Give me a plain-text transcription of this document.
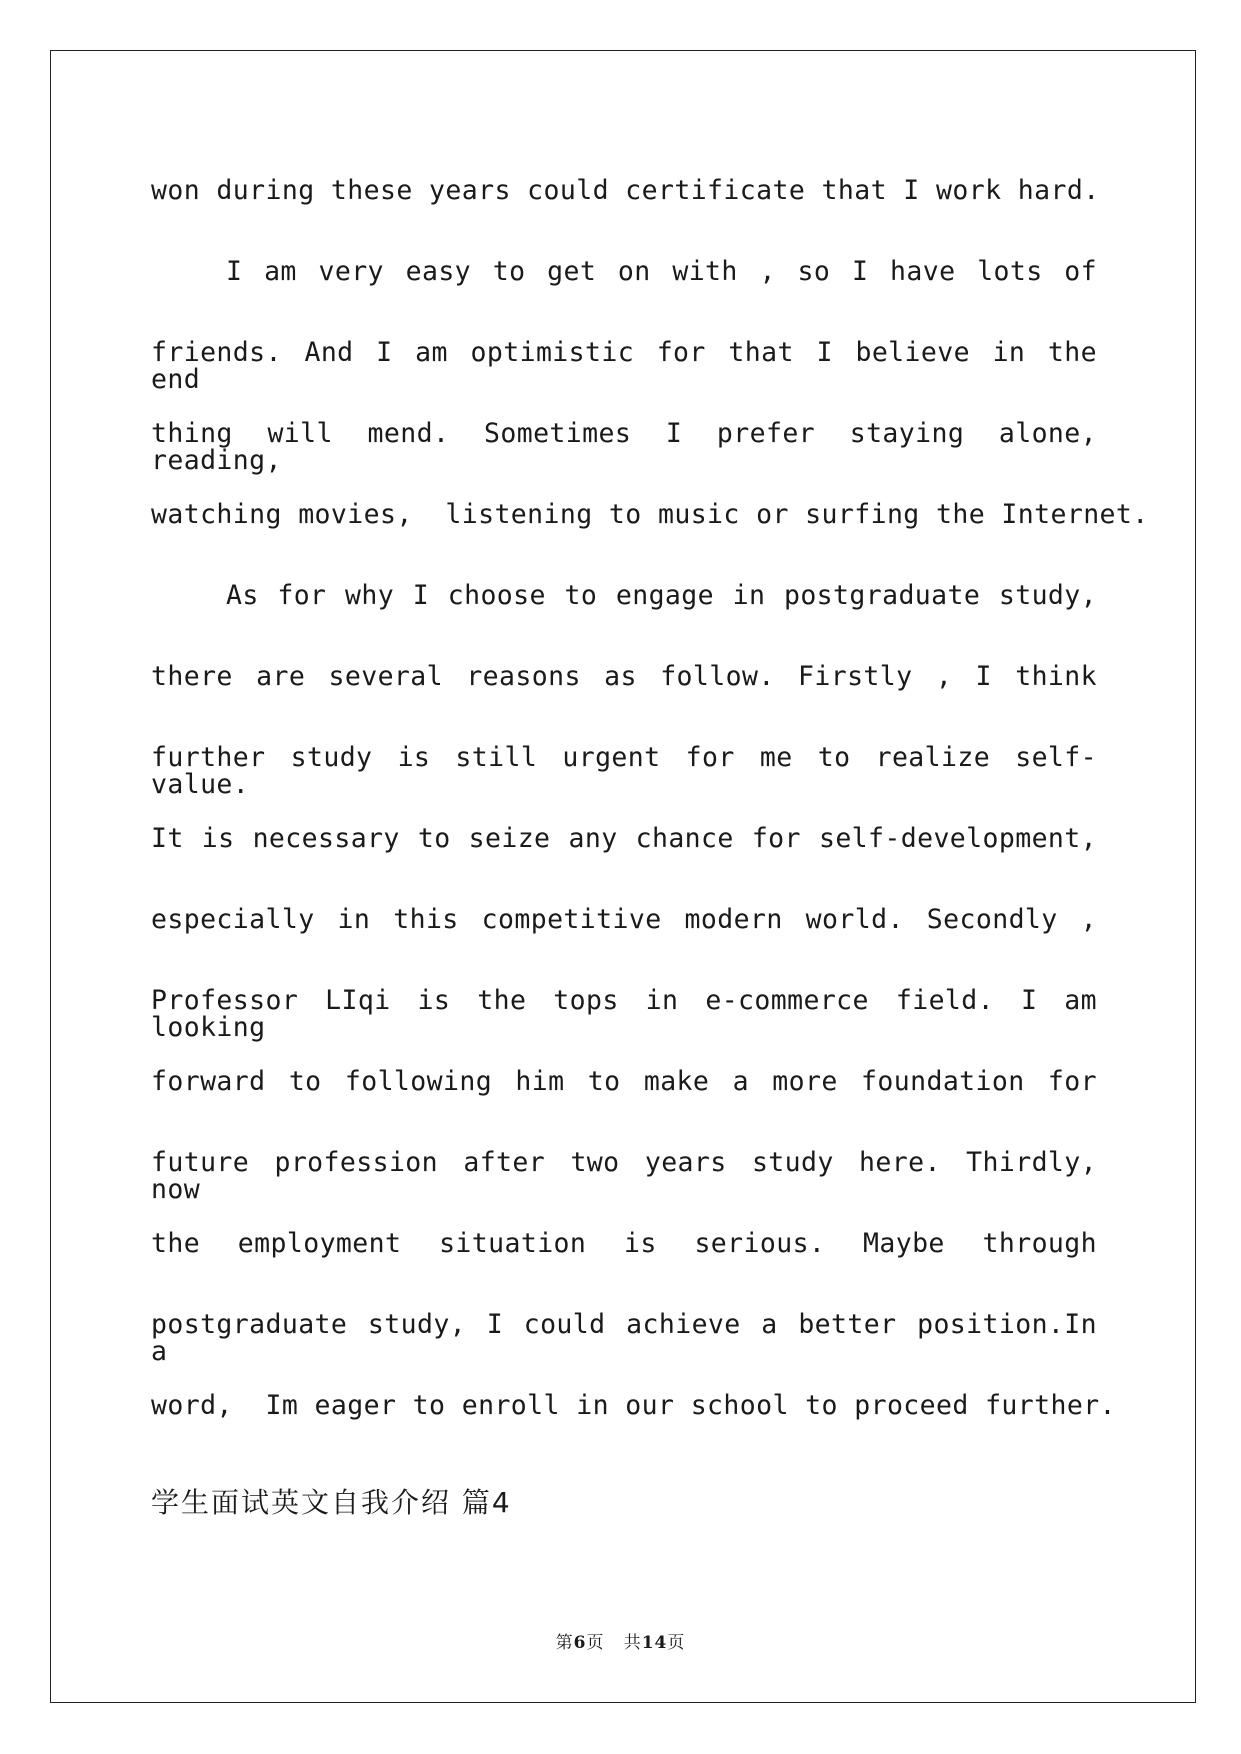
won during these years could certificate that I work hard.

I am very easy to get on with , so I have lots of

friends. And I am optimistic for that I believe in the end

thing will mend. Sometimes I prefer staying alone, reading,

watching movies,  listening to music or surfing the Internet.

As for why I choose to engage in postgraduate study,

there are several reasons as follow. Firstly , I think

further study is still urgent for me to realize self-value.

It is necessary to seize any chance for self-development,

especially in this competitive modern world. Secondly ,

Professor LIqi is the tops in e-commerce field. I am looking

forward to following him to make a more foundation for

future profession after two years study here. Thirdly, now

the employment situation is serious. Maybe through

postgraduate study, I could achieve a better position.In a

word,  Im eager to enroll in our school to proceed further.

学生面试英文自我介绍 篇4

第6页 共14页
